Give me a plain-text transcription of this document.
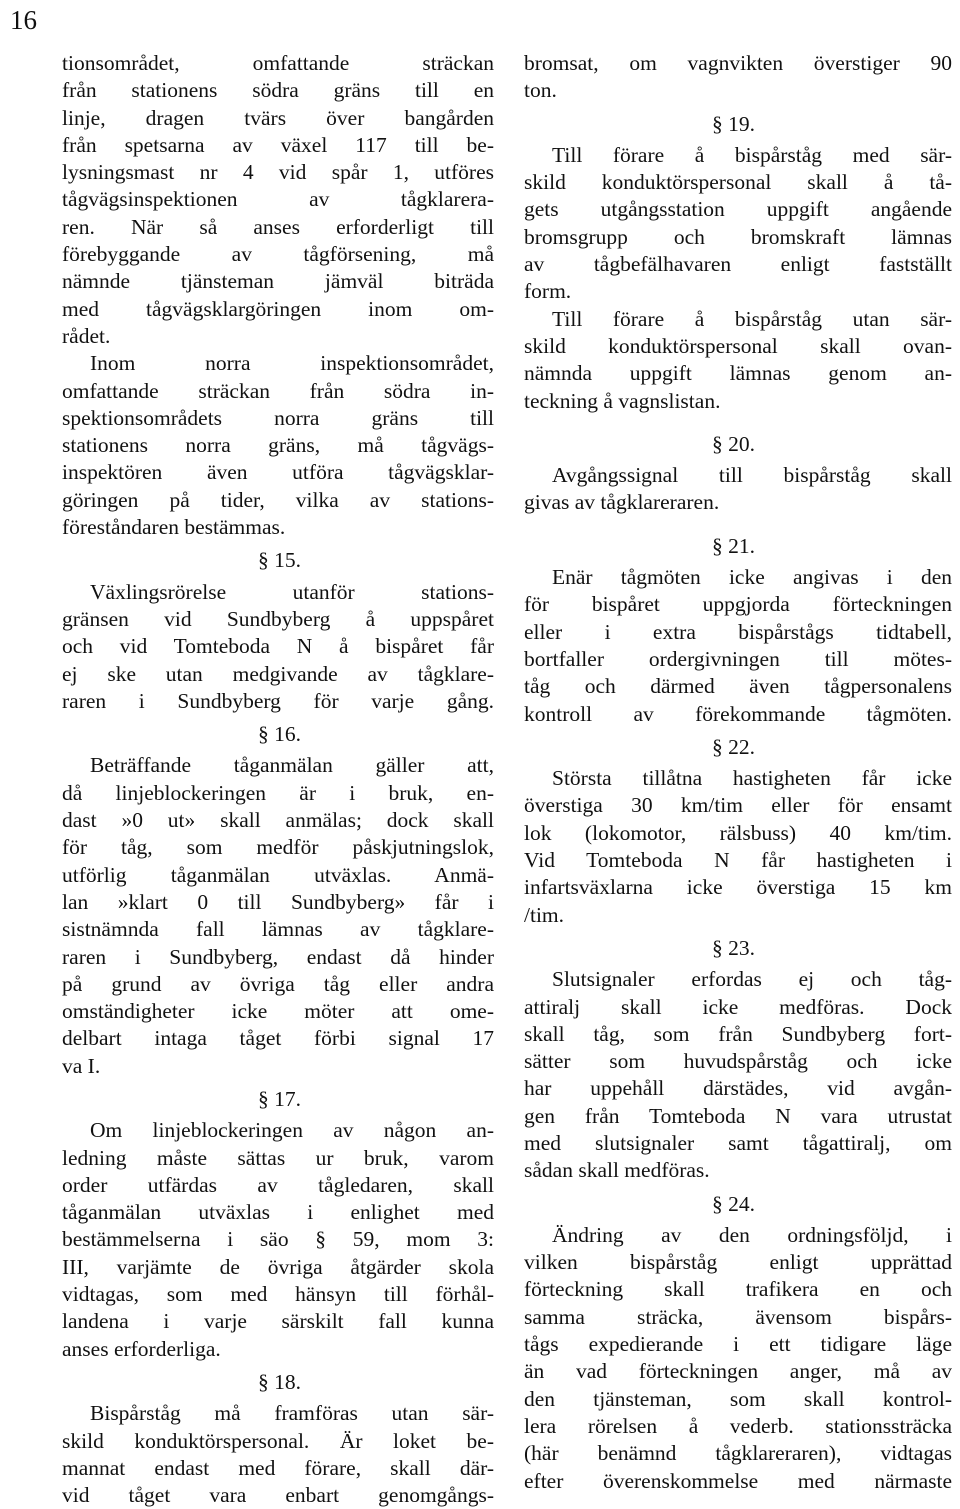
16
tionsområdet, omfattande sträckan
från stationens södra gräns till en
linje, dragen tvärs över bangården
från spetsarna av växel 117 till be-
lysningsmast nr 4 vid spår 1, utföres
tågvägsinspektionen av tågklarera-
ren. När så anses erforderligt till
förebyggande av tågförsening, må
nämnde tjänsteman jämväl biträda
med tågvägsklargöringen inom om-
rådet.
Inom norra inspektionsområdet,
omfattande sträckan från södra in-
spektionsområdets norra gräns till
stationens norra gräns, må tågvägs-
inspektören även utföra tågvägsklar-
göringen på tider, vilka av stations-
föreståndaren bestämmas.
§ 15.
Växlingsrörelse utanför stations-
gränsen vid Sundbyberg å uppspåret
och vid Tomteboda N å bispåret får
ej ske utan medgivande av tågklare-
raren i Sundbyberg för varje gång.
§ 16.
Beträffande tåganmälan gäller att,
då linjeblockeringen är i bruk, en-
dast »0 ut» skall anmälas; dock skall
för tåg, som medför påskjutningslok,
utförlig tåganmälan utväxlas. Anmä-
lan »klart 0 till Sundbyberg» får i
sistnämnda fall lämnas av tågklare-
raren i Sundbyberg, endast då hinder
på grund av övriga tåg eller andra
omständigheter icke möter att ome-
delbart intaga tåget förbi signal 17
va I.
§ 17.
Om linjeblockeringen av någon an-
ledning måste sättas ur bruk, varom
order utfärdas av tågledaren, skall
tåganmälan utväxlas i enlighet med
bestämmelserna i säo § 59, mom 3:
III, varjämte de övriga åtgärder skola
vidtagas, som med hänsyn till förhål-
landena i varje särskilt fall kunna
anses erforderliga.
§ 18.
Bispårståg må framföras utan sär-
skild konduktörspersonal. Är loket be-
mannat endast med förare, skall där-
vid tåget vara enbart genomgångs-
bromsat, om vagnvikten överstiger 90
ton.
§ 19.
Till förare å bispårståg med sär-
skild konduktörspersonal skall å tå-
gets utgångsstation uppgift angående
bromsgrupp och bromskraft lämnas
av tågbefälhavaren enligt fastställt
form.
Till förare å bispårståg utan sär-
skild konduktörspersonal skall ovan-
nämnda uppgift lämnas genom an-
teckning å vagnslistan.
§ 20.
Avgångssignal till bispårståg skall
givas av tågklareraren.
§ 21.
Enär tågmöten icke angivas i den
för bispåret uppgjorda förteckningen
eller i extra bispårstågs tidtabell,
bortfaller ordergivningen till mötes-
tåg och därmed även tågpersonalens
kontroll av förekommande tågmöten.
§ 22.
Största tillåtna hastigheten får icke
överstiga 30 km/tim eller för ensamt
lok (lokomotor, rälsbuss) 40 km/tim.
Vid Tomteboda N får hastigheten i
infartsväxlarna icke överstiga 15 km
/tim.
§ 23.
Slutsignaler erfordas ej och tåg-
attiralj skall icke medföras. Dock
skall tåg, som från Sundbyberg fort-
sätter som huvudspårståg och icke
har uppehåll därstädes, vid avgån-
gen från Tomteboda N vara utrustat
med slutsignaler samt tågattiralj, om
sådan skall medföras.
§ 24.
Ändring av den ordningsföljd, i
vilken bispårståg enligt upprättad
förteckning skall trafikera en och
samma sträcka, ävensom bispårs-
tågs expedierande i ett tidigare läge
än vad förteckningen anger, må av
den tjänsteman, som skall kontrol-
lera rörelsen å vederb. stationssträcka
(här benämnd tågklareraren), vidtagas
efter överenskommelse med närmaste
